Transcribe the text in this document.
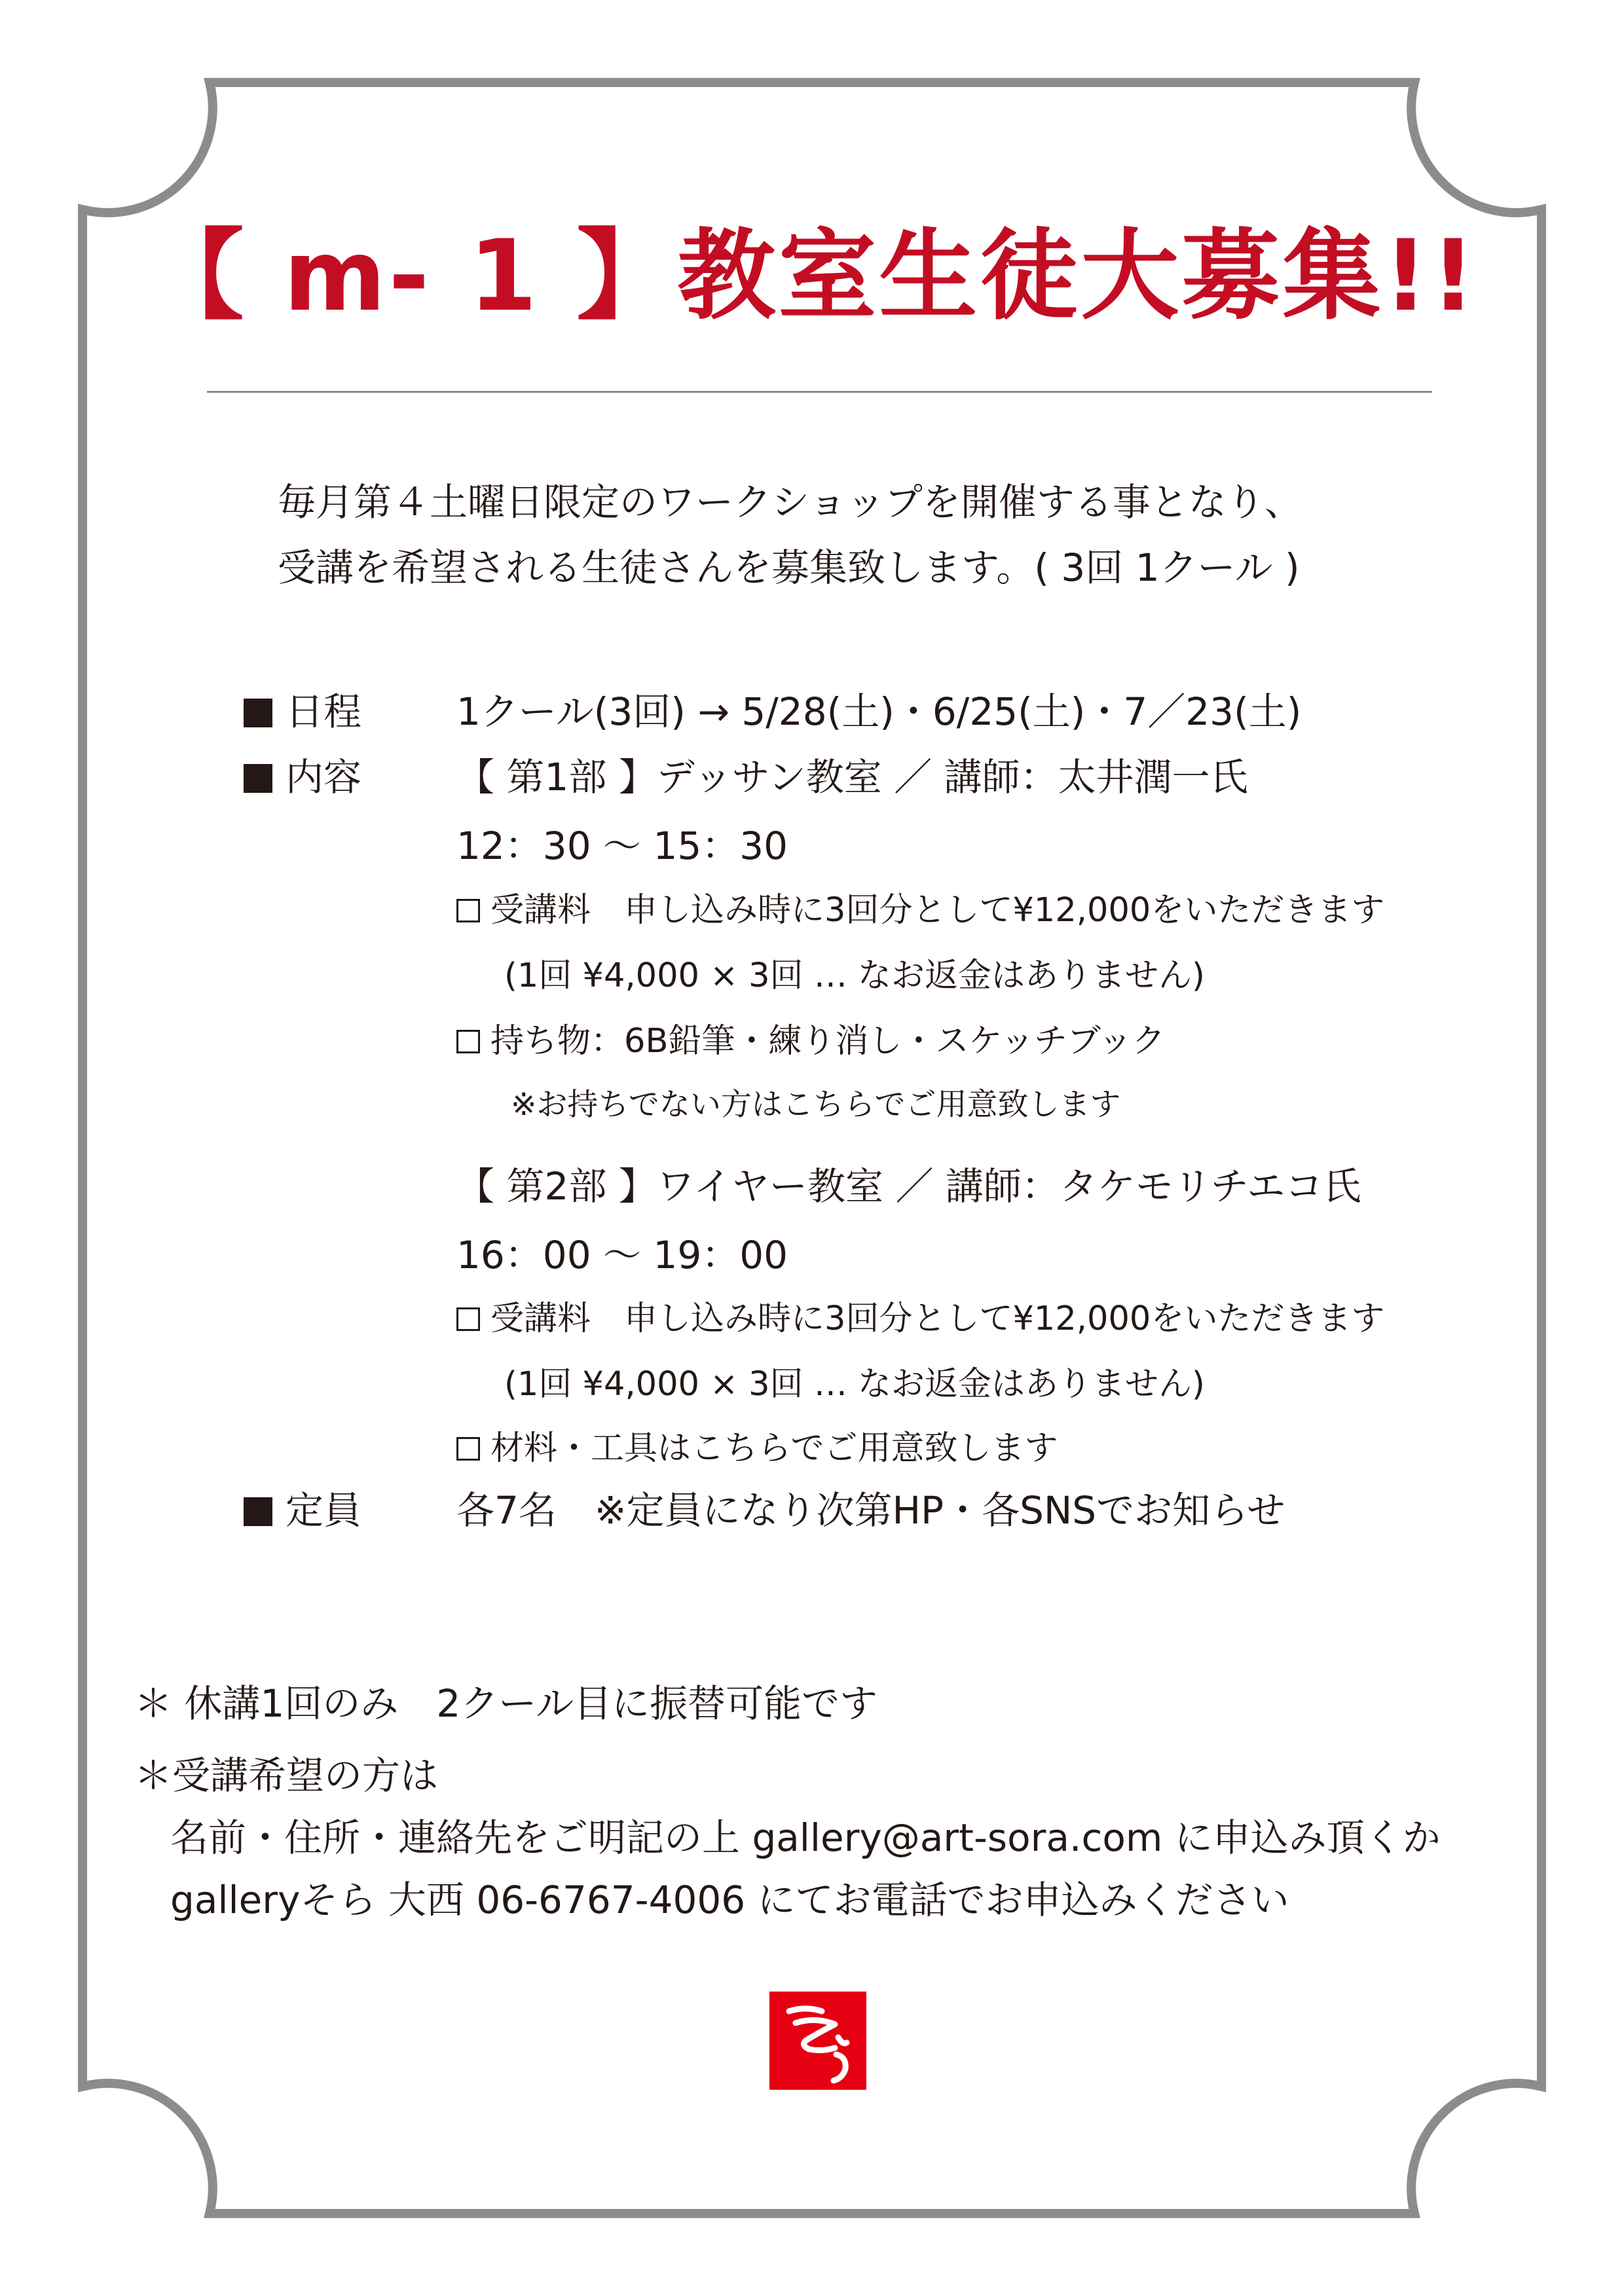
【 m- 1 】教室生徒大募集!!
毎月第４土曜日限定のワークショップを開催する事となり、
受講を希望される生徒さんを募集致します。( 3回 1クール )
日程 1クール(3回) → 5/28(土)・6/25(土)・7／23(土)
内容 【 第1部 】デッサン教室 ／ 講師：太井潤一氏
12：30 〜 15：30
受講料　申し込み時に3回分として¥12,000をいただきます
(1回 ¥4,000 × 3回 … なお返金はありません)
持ち物：6B鉛筆・練り消し・スケッチブック
※お持ちでない方はこちらでご用意致します
【 第2部 】ワイヤー教室 ／ 講師：タケモリチエコ氏
16：00 〜 19：00
受講料　申し込み時に3回分として¥12,000をいただきます
(1回 ¥4,000 × 3回 … なお返金はありません)
材料・工具はこちらでご用意致します
定員 各7名　※定員になり次第HP・各SNSでお知らせ
＊ 休講1回のみ　2クール目に振替可能です
＊受講希望の方は
名前・住所・連絡先をご明記の上 gallery@art-sora.com に申込み頂くか
galleryそら 大西 06-6767-4006 にてお電話でお申込みください
